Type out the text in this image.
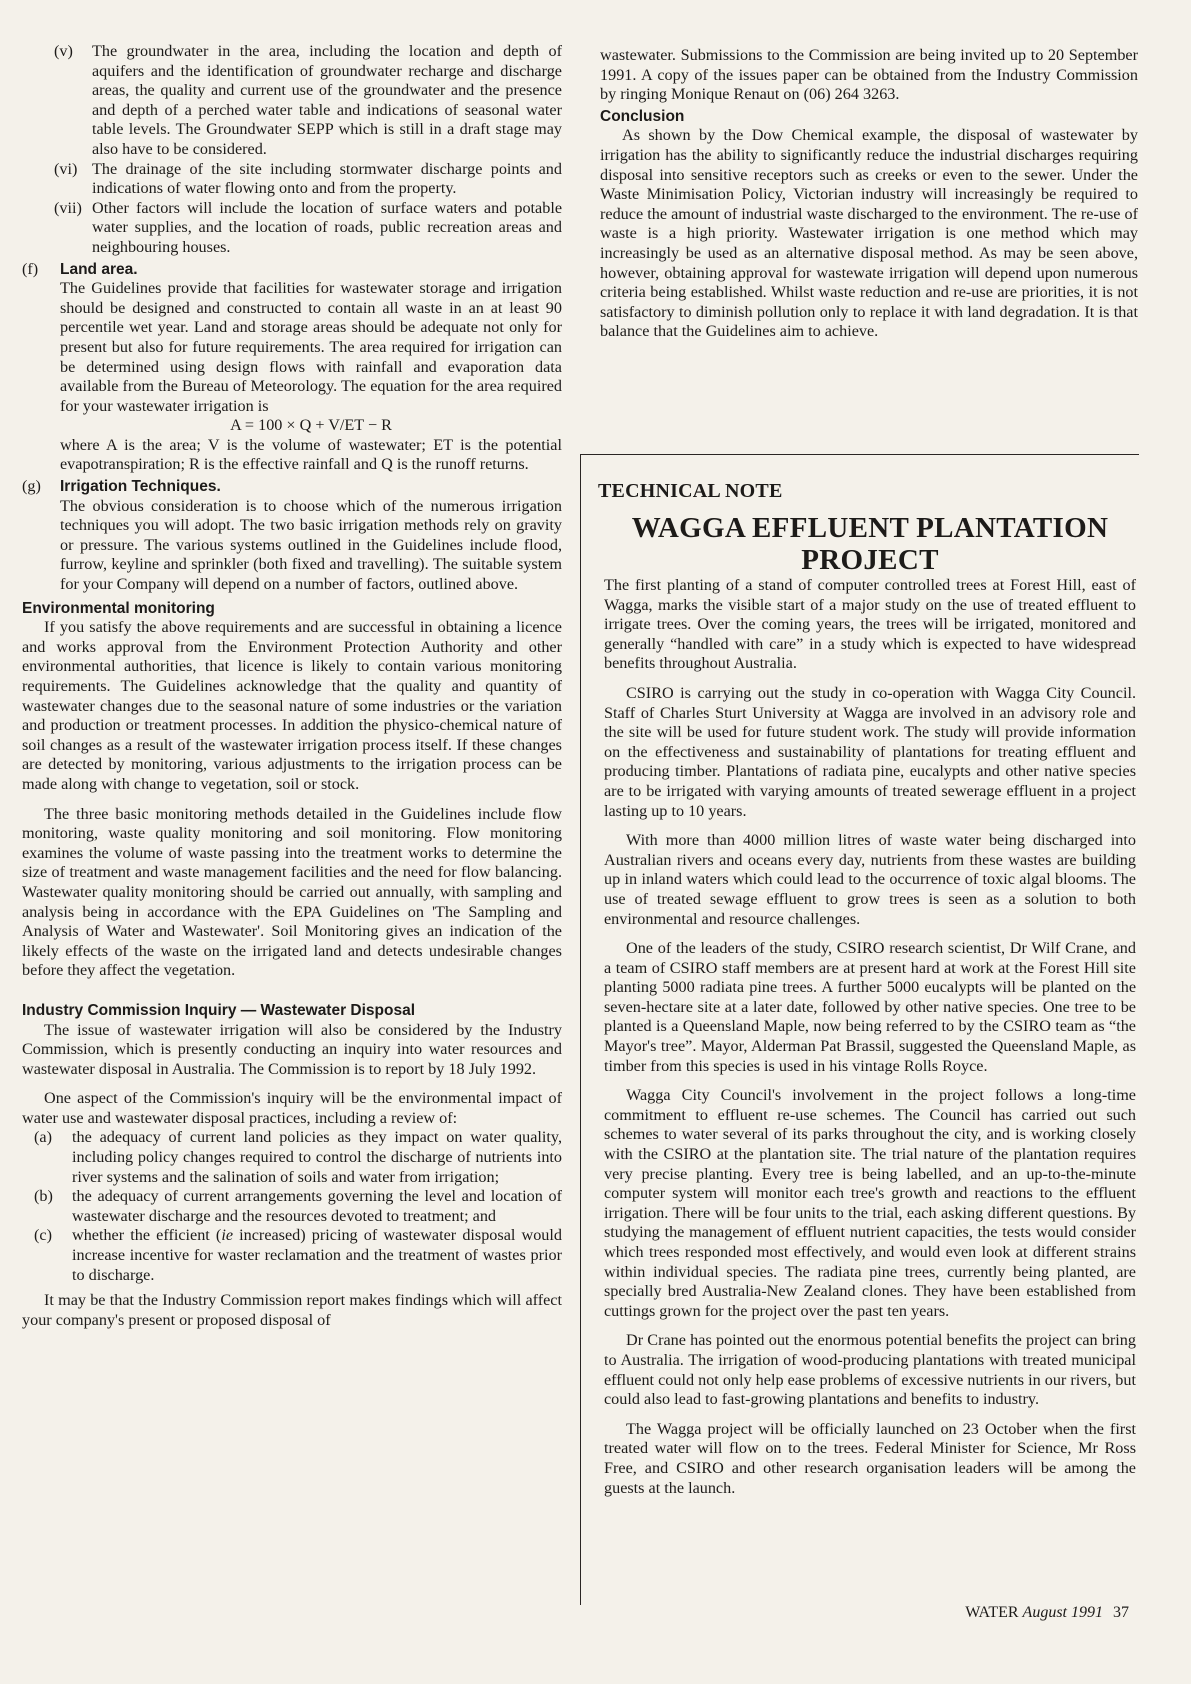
(v)	The groundwater in the area, including the location and depth of aquifers and the identification of groundwater recharge and discharge areas, the quality and current use of the groundwater and the presence and depth of a perched water table and indications of seasonal water table levels. The Groundwater SEPP which is still in a draft stage may also have to be considered.
(vi) The drainage of the site including stormwater discharge points and indications of water flowing onto and from the property.
(vii) Other factors will include the location of surface waters and potable water supplies, and the location of roads, public recreation areas and neighbouring houses.
(f)	Land area.

The Guidelines provide that facilities for wastewater storage and irrigation should be designed and constructed to contain all waste in an at least 90 percentile wet year. Land and storage areas should be adequate not only for present but also for future requirements. The area required for irrigation can be determined using design flows with rainfall and evaporation data available from the Bureau of Meteorology. The equation for the area required for your wastewater irrigation is

A = 100 × Q + V/ET − R

where A is the area; V is the volume of wastewater; ET is the potential evapotranspiration; R is the effective rainfall and Q is the runoff returns.

(g)	Irrigation Techniques.

The obvious consideration is to choose which of the numerous irrigation techniques you will adopt. The two basic irrigation methods rely on gravity or pressure. The various systems outlined in the Guidelines include flood, furrow, keyline and sprinkler (both fixed and travelling). The suitable system for your Company will depend on a number of factors, outlined above.

Environmental monitoring

If you satisfy the above requirements and are successful in obtaining a licence and works approval from the Environment Protection Authority and other environmental authorities, that licence is likely to contain various monitoring requirements. The Guidelines acknowledge that the quality and quantity of wastewater changes due to the seasonal nature of some industries or the variation and production or treatment processes. In addition the physico-chemical nature of soil changes as a result of the wastewater irrigation process itself. If these changes are detected by monitoring, various adjustments to the irrigation process can be made along with change to vegetation, soil or stock.

The three basic monitoring methods detailed in the Guidelines include flow monitoring, waste quality monitoring and soil monitoring. Flow monitoring examines the volume of waste passing into the treatment works to determine the size of treatment and waste management facilities and the need for flow balancing. Wastewater quality monitoring should be carried out annually, with sampling and analysis being in accordance with the EPA Guidelines on 'The Sampling and Analysis of Water and Wastewater'. Soil Monitoring gives an indication of the likely effects of the waste on the irrigated land and detects undesirable changes before they affect the vegetation.

Industry Commission Inquiry — Wastewater Disposal

The issue of wastewater irrigation will also be considered by the Industry Commission, which is presently conducting an inquiry into water resources and wastewater disposal in Australia. The Commission is to report by 18 July 1992.

One aspect of the Commission's inquiry will be the environmental impact of water use and wastewater disposal practices, including a review of:

(a)	the adequacy of current land policies as they impact on water quality, including policy changes required to control the discharge of nutrients into river systems and the salination of soils and water from irrigation;
(b)	the adequacy of current arrangements governing the level and location of wastewater discharge and the resources devoted to treatment; and
(c)	whether the efficient (ie increased) pricing of wastewater disposal would increase incentive for waster reclamation and the treatment of wastes prior to discharge.

It may be that the Industry Commission report makes findings which will affect your company's present or proposed disposal of

wastewater. Submissions to the Commission are being invited up to 20 September 1991. A copy of the issues paper can be obtained from the Industry Commission by ringing Monique Renaut on (06) 264 3263.

Conclusion

As shown by the Dow Chemical example, the disposal of wastewater by irrigation has the ability to significantly reduce the industrial discharges requiring disposal into sensitive receptors such as creeks or even to the sewer. Under the Waste Minimisation Policy, Victorian industry will increasingly be required to reduce the amount of industrial waste discharged to the environment. The re-use of waste is a high priority. Wastewater irrigation is one method which may increasingly be used as an alternative disposal method. As may be seen above, however, obtaining approval for wastewate irrigation will depend upon numerous criteria being established. Whilst waste reduction and re-use are priorities, it is not satisfactory to diminish pollution only to replace it with land degradation. It is that balance that the Guidelines aim to achieve.

TECHNICAL NOTE
WAGGA EFFLUENT PLANTATION PROJECT

The first planting of a stand of computer controlled trees at Forest Hill, east of Wagga, marks the visible start of a major study on the use of treated effluent to irrigate trees. Over the coming years, the trees will be irrigated, monitored and generally “handled with care” in a study which is expected to have widespread benefits throughout Australia.

CSIRO is carrying out the study in co-operation with Wagga City Council. Staff of Charles Sturt University at Wagga are involved in an advisory role and the site will be used for future student work. The study will provide information on the effectiveness and sustainability of plantations for treating effluent and producing timber. Plantations of radiata pine, eucalypts and other native species are to be irrigated with varying amounts of treated sewerage effluent in a project lasting up to 10 years.

With more than 4000 million litres of waste water being discharged into Australian rivers and oceans every day, nutrients from these wastes are building up in inland waters which could lead to the occurrence of toxic algal blooms. The use of treated sewage effluent to grow trees is seen as a solution to both environmental and resource challenges.

One of the leaders of the study, CSIRO research scientist, Dr Wilf Crane, and a team of CSIRO staff members are at present hard at work at the Forest Hill site planting 5000 radiata pine trees. A further 5000 eucalypts will be planted on the seven-hectare site at a later date, followed by other native species. One tree to be planted is a Queensland Maple, now being referred to by the CSIRO team as “the Mayor's tree”. Mayor, Alderman Pat Brassil, suggested the Queensland Maple, as timber from this species is used in his vintage Rolls Royce.

Wagga City Council's involvement in the project follows a long-time commitment to effluent re-use schemes. The Council has carried out such schemes to water several of its parks throughout the city, and is working closely with the CSIRO at the plantation site. The trial nature of the plantation requires very precise planting. Every tree is being labelled, and an up-to-the-minute computer system will monitor each tree's growth and reactions to the effluent irrigation. There will be four units to the trial, each asking different questions. By studying the management of effluent nutrient capacities, the tests would consider which trees responded most effectively, and would even look at different strains within individual species. The radiata pine trees, currently being planted, are specially bred Australia-New Zealand clones. They have been established from cuttings grown for the project over the past ten years.

Dr Crane has pointed out the enormous potential benefits the project can bring to Australia. The irrigation of wood-producing plantations with treated municipal effluent could not only help ease problems of excessive nutrients in our rivers, but could also lead to fast-growing plantations and benefits to industry.

The Wagga project will be officially launched on 23 October when the first treated water will flow on to the trees. Federal Minister for Science, Mr Ross Free, and CSIRO and other research organisation leaders will be among the guests at the launch.

WATER August 1991 37
